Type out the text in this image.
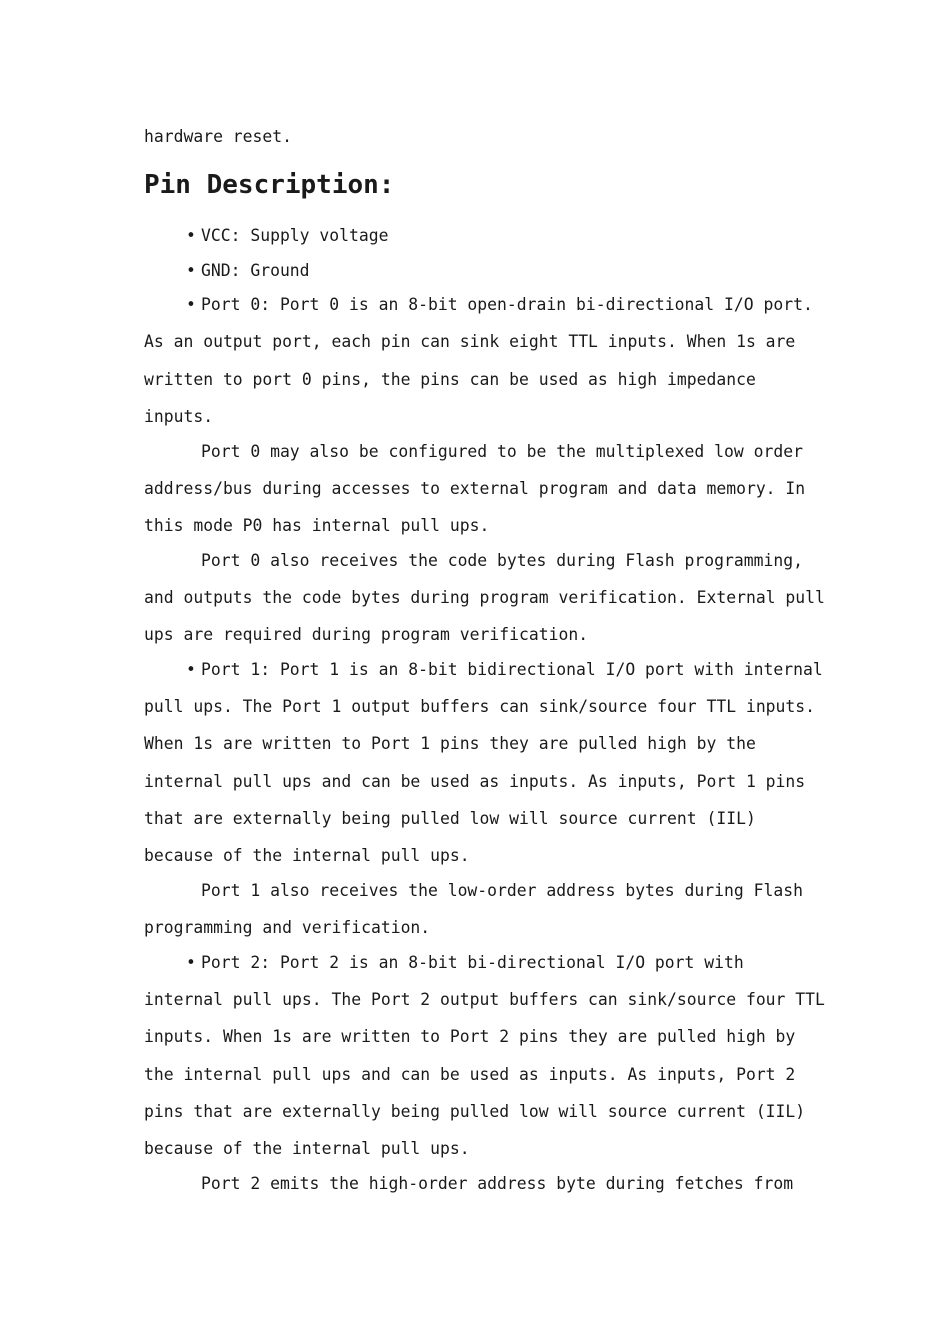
hardware reset.
Pin Description:
• VCC: Supply voltage
• GND: Ground
• Port 0: Port 0 is an 8-bit open-drain bi-directional I/O port.
As an output port, each pin can sink eight TTL inputs. When 1s are
written to port 0 pins, the pins can be used as high impedance
inputs.
Port 0 may also be configured to be the multiplexed low order
address/bus during accesses to external program and data memory. In
this mode P0 has internal pull ups.
Port 0 also receives the code bytes during Flash programming,
and outputs the code bytes during program verification. External pull
ups are required during program verification.
• Port 1: Port 1 is an 8-bit bidirectional I/O port with internal
pull ups. The Port 1 output buffers can sink/source four TTL inputs.
When 1s are written to Port 1 pins they are pulled high by the
internal pull ups and can be used as inputs. As inputs, Port 1 pins
that are externally being pulled low will source current (IIL)
because of the internal pull ups.
Port 1 also receives the low-order address bytes during Flash
programming and verification.
• Port 2: Port 2 is an 8-bit bi-directional I/O port with
internal pull ups. The Port 2 output buffers can sink/source four TTL
inputs. When 1s are written to Port 2 pins they are pulled high by
the internal pull ups and can be used as inputs. As inputs, Port 2
pins that are externally being pulled low will source current (IIL)
because of the internal pull ups.
Port 2 emits the high-order address byte during fetches from
